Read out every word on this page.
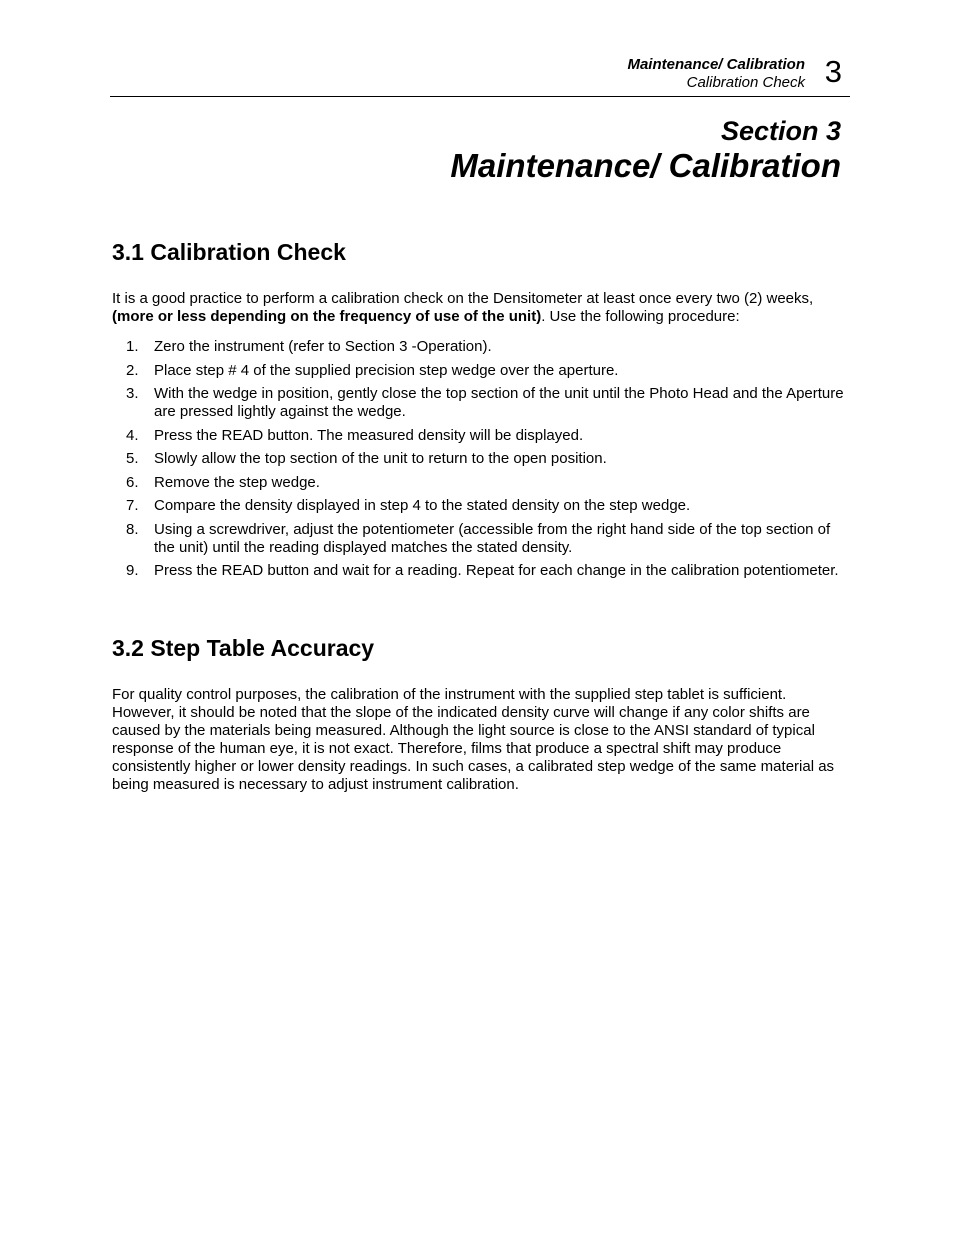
Maintenance/ Calibration
Calibration Check 3
Section 3
Maintenance/ Calibration
3.1 Calibration Check

It is a good practice to perform a calibration check on the Densitometer at least once every two (2) weeks, (more or less depending on the frequency of use of the unit). Use the following procedure:

1. Zero the instrument (refer to Section 3 -Operation).
2. Place step # 4 of the supplied precision step wedge over the aperture.
3. With the wedge in position, gently close the top section of the unit until the Photo Head and the Aperture are pressed lightly against the wedge.
4. Press the READ button. The measured density will be displayed.
5. Slowly allow the top section of the unit to return to the open position.
6. Remove the step wedge.
7. Compare the density displayed in step 4 to the stated density on the step wedge.
8. Using a screwdriver, adjust the potentiometer (accessible from the right hand side of the top section of the unit) until the reading displayed matches the stated density.
9. Press the READ button and wait for a reading. Repeat for each change in the calibration potentiometer.
3.2 Step Table Accuracy

For quality control purposes, the calibration of the instrument with the supplied step tablet is sufficient. However, it should be noted that the slope of the indicated density curve will change if any color shifts are caused by the materials being measured. Although the light source is close to the ANSI standard of typical response of the human eye, it is not exact. Therefore, films that produce a spectral shift may produce consistently higher or lower density readings. In such cases, a calibrated step wedge of the same material as being measured is necessary to adjust instrument calibration.
